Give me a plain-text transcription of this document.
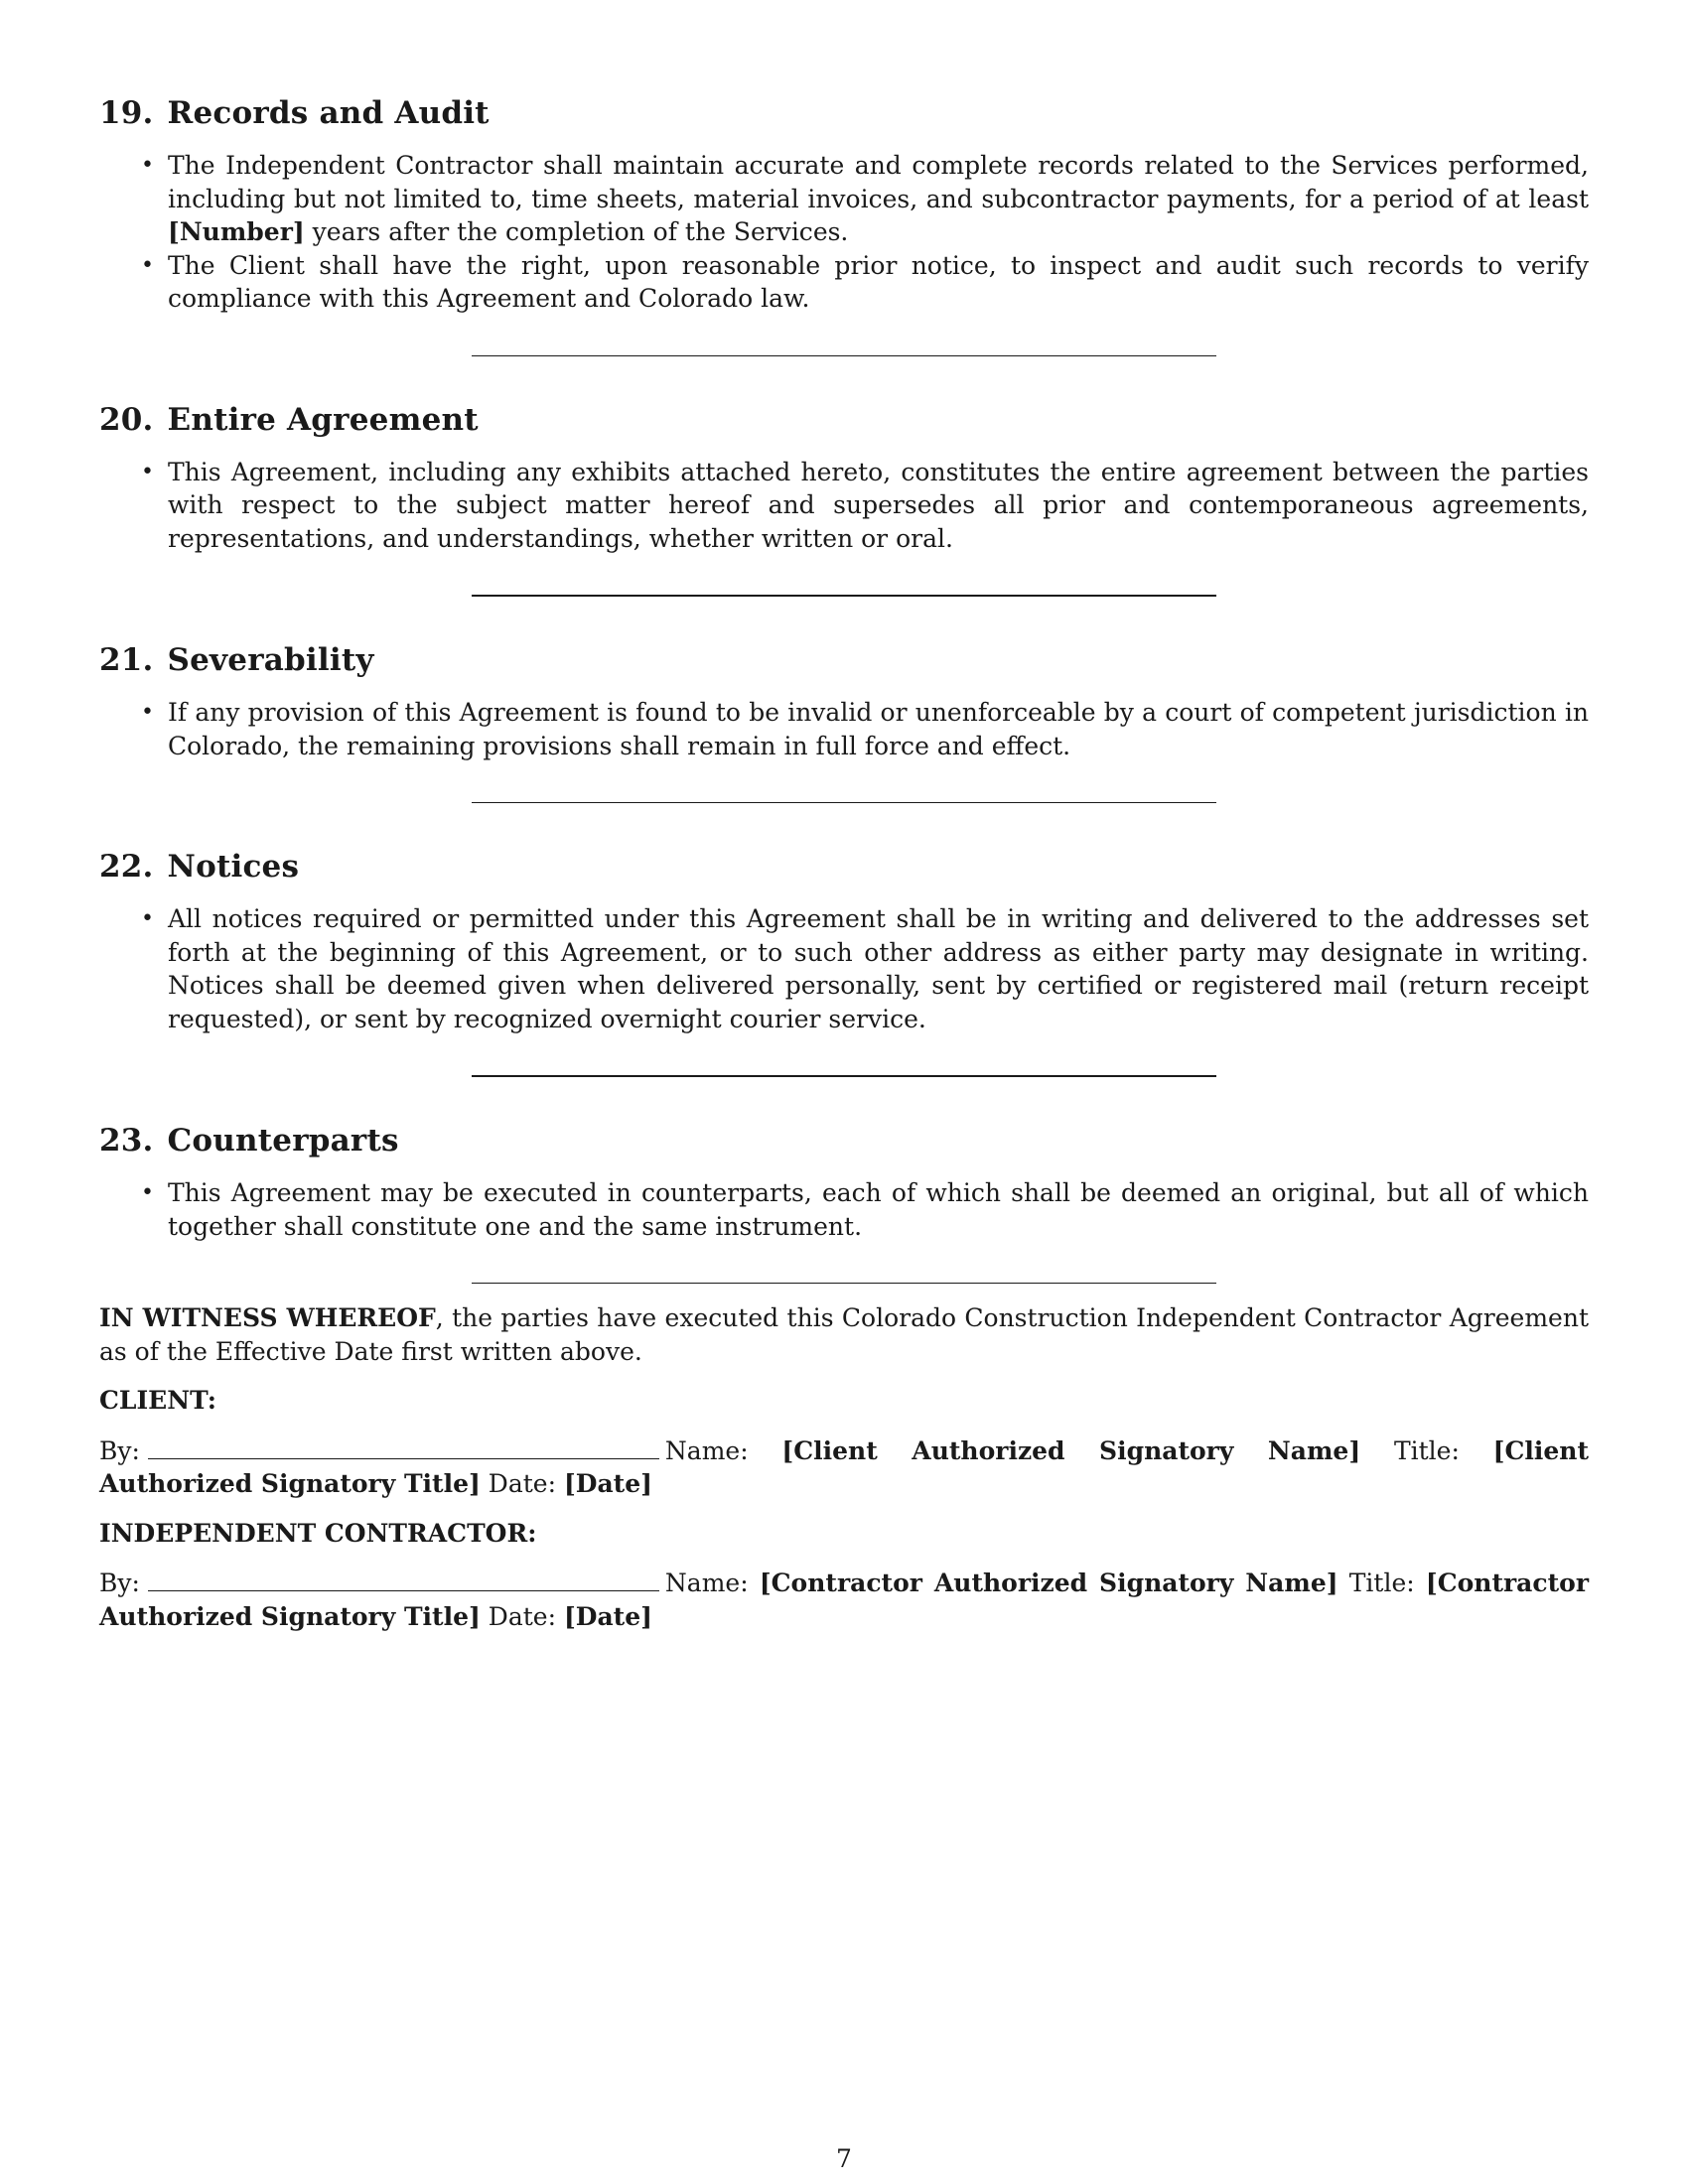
19. Records and Audit
• The Independent Contractor shall maintain accurate and complete records related to the Services performed, including but not limited to, time sheets, material invoices, and subcontractor payments, for a period of at least [Number] years after the completion of the Services.
• The Client shall have the right, upon reasonable prior notice, to inspect and audit such records to verify compliance with this Agreement and Colorado law.
20. Entire Agreement
• This Agreement, including any exhibits attached hereto, constitutes the entire agreement between the parties with respect to the subject matter hereof and supersedes all prior and contemporaneous agreements, representations, and understandings, whether written or oral.
21. Severability
• If any provision of this Agreement is found to be invalid or unenforceable by a court of competent jurisdiction in Colorado, the remaining provisions shall remain in full force and effect.
22. Notices
• All notices required or permitted under this Agreement shall be in writing and delivered to the addresses set forth at the beginning of this Agreement, or to such other address as either party may designate in writing. Notices shall be deemed given when delivered personally, sent by certified or registered mail (return receipt requested), or sent by recognized overnight courier service.
23. Counterparts
• This Agreement may be executed in counterparts, each of which shall be deemed an original, but all of which together shall constitute one and the same instrument.

IN WITNESS WHEREOF, the parties have executed this Colorado Construction Independent Contractor Agreement as of the Effective Date first written above.

CLIENT:

By:	Name: [Client Authorized Signatory Name] Title: [Client Authorized Signatory Title] Date: [Date]

INDEPENDENT CONTRACTOR:

By:	Name: [Contractor Authorized Signatory Name] Title: [Contractor Authorized Signatory Title] Date: [Date]

7
